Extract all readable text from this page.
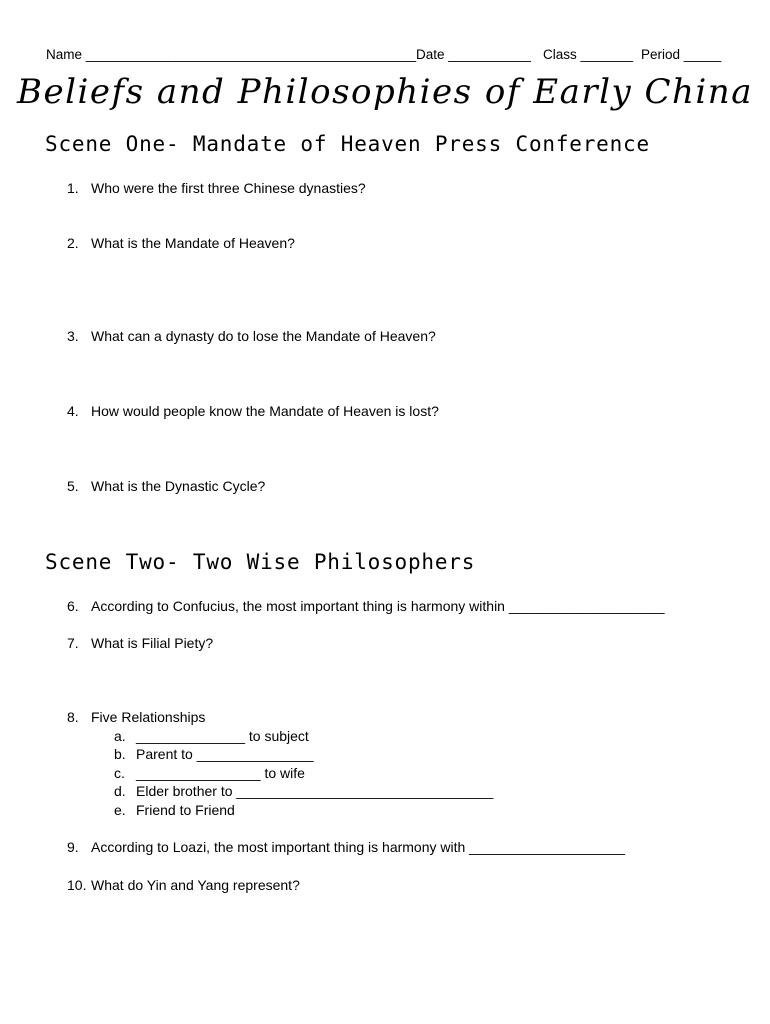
Name ____________________________________________ Date ___________ Class _______ Period _____
Beliefs and Philosophies of Early China
Scene One- Mandate of Heaven Press Conference
1. Who were the first three Chinese dynasties?
2. What is the Mandate of Heaven?
3. What can a dynasty do to lose the Mandate of Heaven?
4. How would people know the Mandate of Heaven is lost?
5. What is the Dynastic Cycle?
Scene Two- Two Wise Philosophers
6. According to Confucius, the most important thing is harmony within ____________________
7. What is Filial Piety?
8. Five Relationships
a. ______________ to subject
b. Parent to _______________
c. ________________ to wife
d. Elder brother to _________________________________
e. Friend to Friend
9. According to Loazi, the most important thing is harmony with ____________________
10. What do Yin and Yang represent?
